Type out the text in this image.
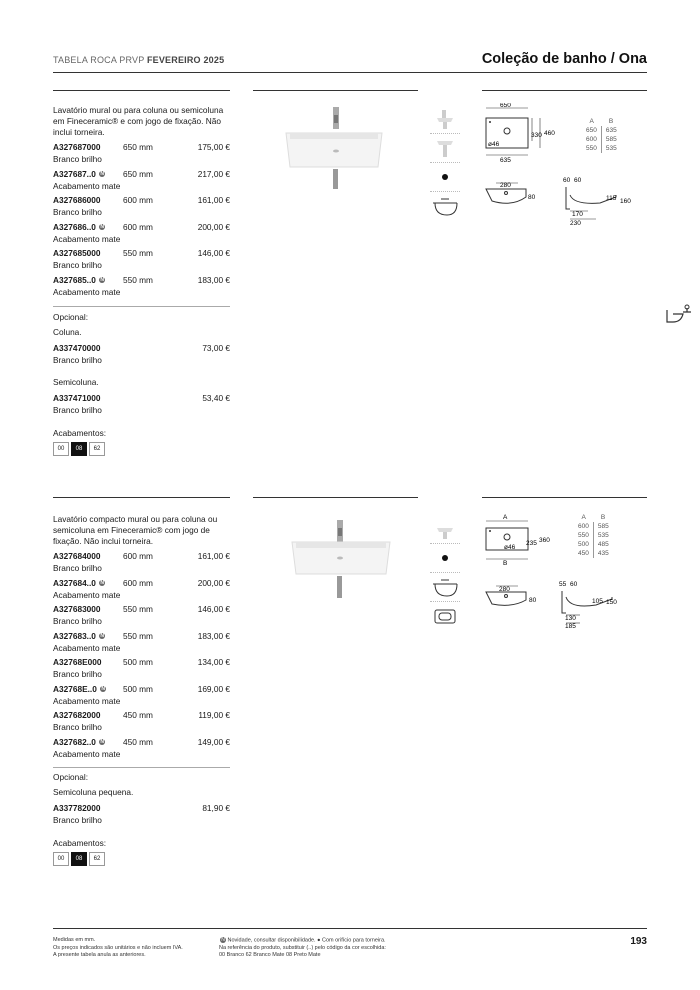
TABELA ROCA PRVP FEVEREIRO 2025	Coleção de banho / Ona
Lavatório mural ou para coluna ou semicoluna em Fineceramic® e com jogo de fixação. Não inclui torneira.
A327687000	650 mm	175,00 €
Branco brilho
A327687..0 N 650 mm	217,00 €
Acabamento mate
A327686000	600 mm	161,00 €
Branco brilho
A327686..0 N 600 mm	200,00 €
Acabamento mate
A327685000	550 mm	146,00 €
Branco brilho
A327685..0 N 550 mm	183,00 €
Acabamento mate
Opcional:
Coluna.
A337470000	73,00 €
Branco brilho
Semicoluna.
A337471000	53,40 €
Branco brilho
Acabamentos:
00	08	62
650
330 460
ø46
635
A	B
650	635
600	585
550	535
280
80
60 60
115 160
170
230
Lavatório compacto mural ou para coluna ou semicoluna em Fineceramic® com jogo de fixação. Não inclui torneira.
A327684000	600 mm	161,00 €
Branco brilho
A327684..0 N 600 mm	200,00 €
Acabamento mate
A327683000	550 mm	146,00 €
Branco brilho
A327683..0 N 550 mm	183,00 €
Acabamento mate
A32768E000	500 mm	134,00 €
Branco brilho
A32768E..0 N 500 mm	169,00 €
Acabamento mate
A327682000	450 mm	119,00 €
Branco brilho
A327682..0 N 450 mm	149,00 €
Acabamento mate
Opcional:
Semicoluna pequena.
A337782000	81,90 €
Branco brilho
Acabamentos:
00	08	62
A
235 360
ø46
B
A	B
600	585
550	535
500	485
450	435
280
80
55 60
105 150
130
185
Medidas em mm.
Os preços indicados são unitários e não incluem IVA.
A presente tabela anula as anteriores.
N Novidade, consultar disponibilidade. ● Com orifício para torneira.
Na referência do produto, substituir (..) pelo código da cor escolhida:
00 Branco 62 Branco Mate 08 Preto Mate
193
